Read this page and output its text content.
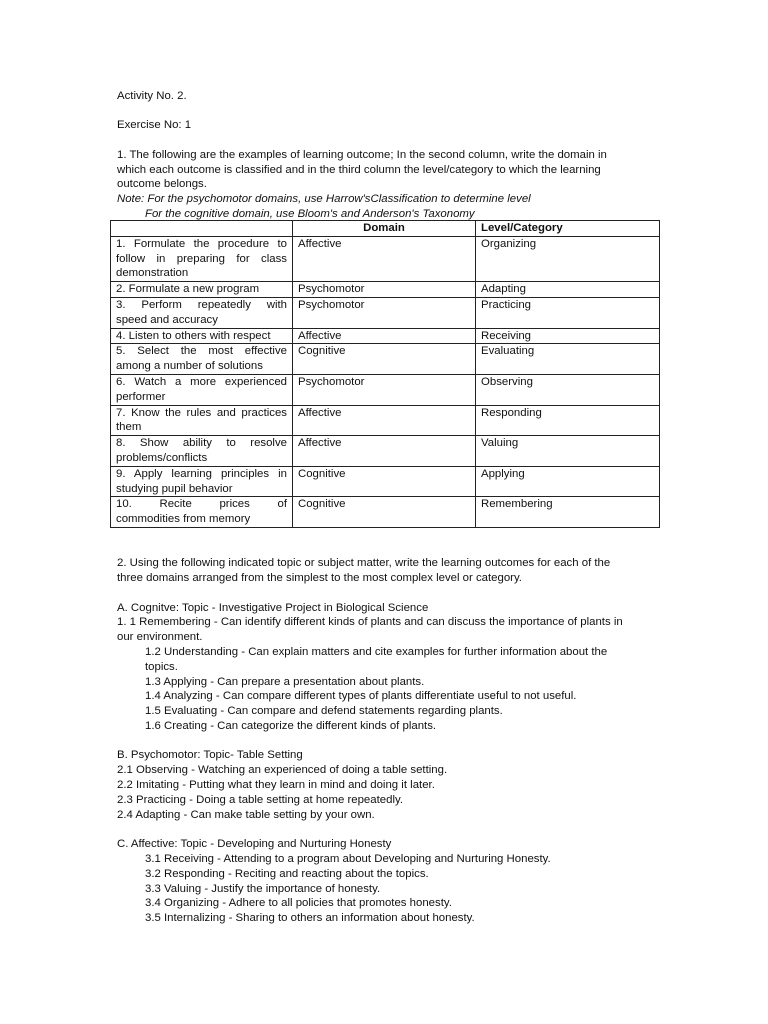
Activity No. 2.
Exercise No: 1
1. The following are the examples of learning outcome; In the second column, write the domain in
which each outcome is classified and in the third column the level/category to which the learning
outcome belongs.
Note: For the psychomotor domains, use Harrow'sClassification to determine level
For the cognitive domain, use Bloom's and Anderson's Taxonomy
	Domain	Level/Category

1. Formulate the procedure to
follow in preparing for class
demonstration	Affective	Organizing

2. Formulate a new program	Psychomotor	Adapting

3. Perform repeatedly with
speed and accuracy	Psychomotor	Practicing

4. Listen to others with respect	Affective	Receiving

5. Select the most effective
among a number of solutions	Cognitive	Evaluating

6. Watch a more experienced
performer	Psychomotor	Observing

7. Know the rules and practices
them	Affective	Responding

8. Show ability to resolve
problems/conflicts	Affective	Valuing

9. Apply learning principles in
studying pupil behavior	Cognitive	Applying

10. Recite prices of
commodities from memory	Cognitive	Remembering
2. Using the following indicated topic or subject matter, write the learning outcomes for each of the
three domains arranged from the simplest to the most complex level or category.
A. Cognitve: Topic - Investigative Project in Biological Science
1. 1 Remembering - Can identify different kinds of plants and can discuss the importance of plants in
our environment.
1.2 Understanding - Can explain matters and cite examples for further information about the
topics.
1.3 Applying - Can prepare a presentation about plants.
1.4 Analyzing - Can compare different types of plants differentiate useful to not useful.
1.5 Evaluating - Can compare and defend statements regarding plants.
1.6 Creating - Can categorize the different kinds of plants.
B. Psychomotor: Topic- Table Setting
2.1 Observing - Watching an experienced of doing a table setting.
2.2 Imitating - Putting what they learn in mind and doing it later.
2.3 Practicing - Doing a table setting at home repeatedly.
2.4 Adapting - Can make table setting by your own.
C. Affective: Topic - Developing and Nurturing Honesty
3.1 Receiving - Attending to a program about Developing and Nurturing Honesty.
3.2 Responding - Reciting and reacting about the topics.
3.3 Valuing - Justify the importance of honesty.
3.4 Organizing - Adhere to all policies that promotes honesty.
3.5 Internalizing - Sharing to others an information about honesty.
